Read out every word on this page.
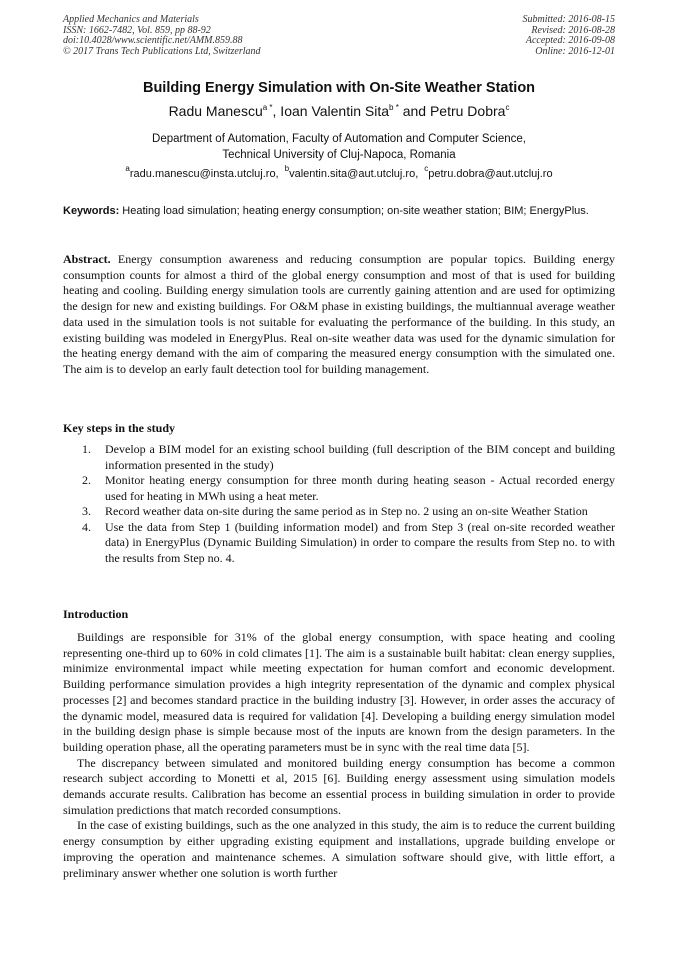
Applied Mechanics and Materials
ISSN: 1662-7482, Vol. 859, pp 88-92
doi:10.4028/www.scientific.net/AMM.859.88
© 2017 Trans Tech Publications Ltd, Switzerland
Submitted: 2016-08-15
Revised: 2016-08-28
Accepted: 2016-09-08
Online: 2016-12-01
Building Energy Simulation with On-Site Weather Station
Radu Manescu$^{a *}$, Ioan Valentin Sita$^{b *}$ and Petru Dobra$^c$
Department of Automation, Faculty of Automation and Computer Science,
Technical University of Cluj-Napoca, Romania
$^a$radu.manescu@insta.utcluj.ro, $^b$valentin.sita@aut.utcluj.ro, $^c$petru.dobra@aut.utcluj.ro
Keywords: Heating load simulation; heating energy consumption; on-site weather station; BIM; EnergyPlus.
Abstract. Energy consumption awareness and reducing consumption are popular topics. Building energy consumption counts for almost a third of the global energy consumption and most of that is used for building heating and cooling. Building energy simulation tools are currently gaining attention and are used for optimizing the design for new and existing buildings. For O&M phase in existing buildings, the multiannual average weather data used in the simulation tools is not suitable for evaluating the performance of the building. In this study, an existing building was modeled in EnergyPlus. Real on-site weather data was used for the dynamic simulation for the heating energy demand with the aim of comparing the measured energy consumption with the simulated one. The aim is to develop an early fault detection tool for building management.
Key steps in the study
1. Develop a BIM model for an existing school building (full description of the BIM concept and building information presented in the study)
2. Monitor heating energy consumption for three month during heating season - Actual recorded energy used for heating in MWh using a heat meter.
3. Record weather data on-site during the same period as in Step no. 2 using an on-site Weather Station
4. Use the data from Step 1 (building information model) and from Step 3 (real on-site recorded weather data) in EnergyPlus (Dynamic Building Simulation) in order to compare the results from Step no. to with the results from Step no. 4.
Introduction

Buildings are responsible for 31% of the global energy consumption, with space heating and cooling representing one-third up to 60% in cold climates [1]. The aim is a sustainable built habitat: clean energy supplies, minimize environmental impact while meeting expectation for human comfort and economic development. Building performance simulation provides a high integrity representation of the dynamic and complex physical processes [2] and becomes standard practice in the building industry [3]. However, in order asses the accuracy of the dynamic model, measured data is required for validation [4]. Developing a building energy simulation model in the building design phase is simple because most of the inputs are known from the design parameters. In the building operation phase, all the operating parameters must be in sync with the real time data [5].

The discrepancy between simulated and monitored building energy consumption has become a common research subject according to Monetti et al, 2015 [6]. Building energy assessment using simulation models demands accurate results. Calibration has become an essential process in building simulation in order to provide simulation predictions that match recorded consumptions.

In the case of existing buildings, such as the one analyzed in this study, the aim is to reduce the current building energy consumption by either upgrading existing equipment and installations, upgrade building envelope or improving the operation and maintenance schemes. A simulation software should give, with little effort, a preliminary answer whether one solution is worth further
